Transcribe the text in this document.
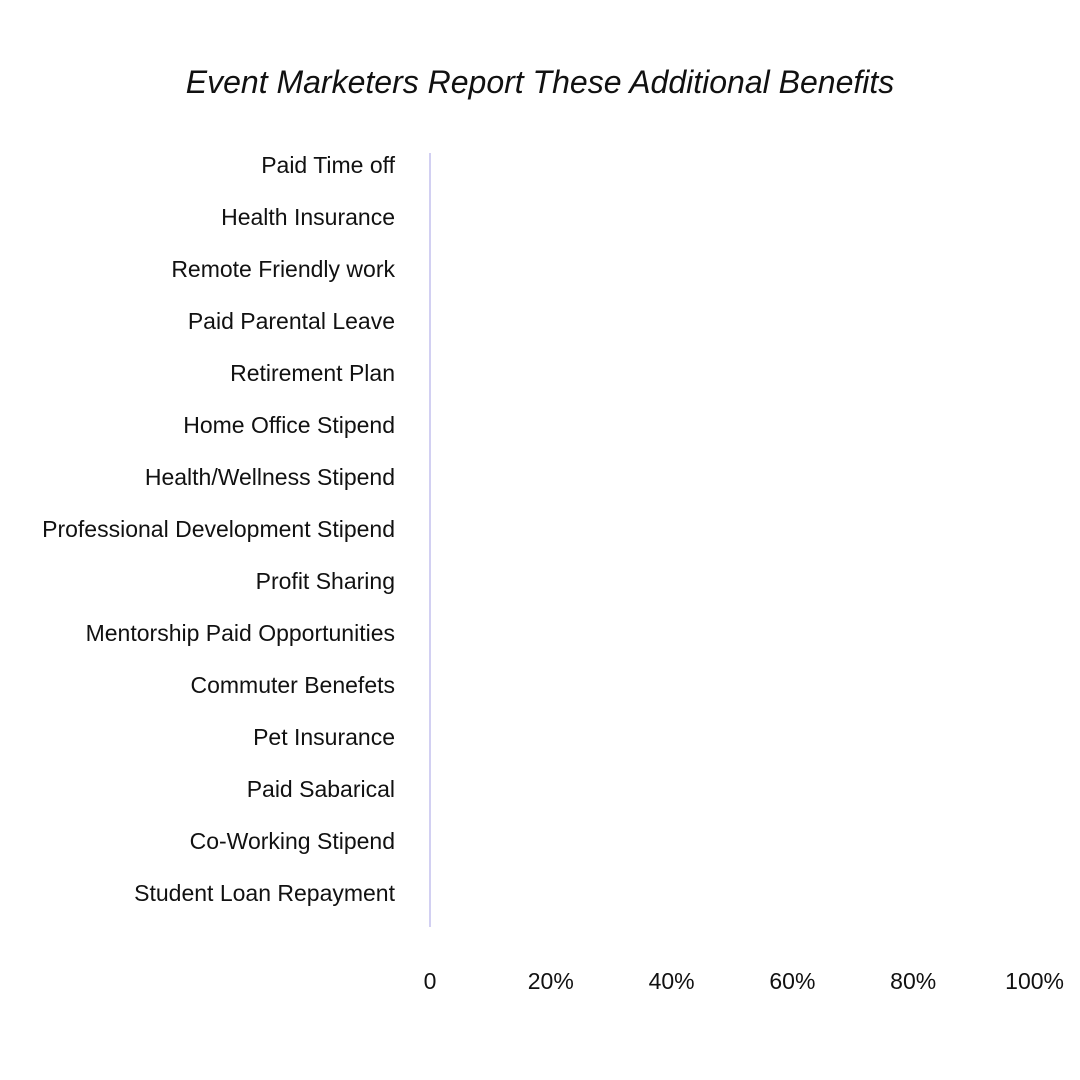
Event Marketers Report These Additional Benefits
Paid Time off
Health Insurance
Remote Friendly work
Paid Parental Leave
Retirement Plan
Home Office Stipend
Health/Wellness Stipend
Professional Development Stipend
Profit Sharing
Mentorship Paid Opportunities
Commuter Benefets
Pet Insurance
Paid Sabarical
Co-Working Stipend
Student Loan Repayment
0	20%	40%	60%	80%	100%
